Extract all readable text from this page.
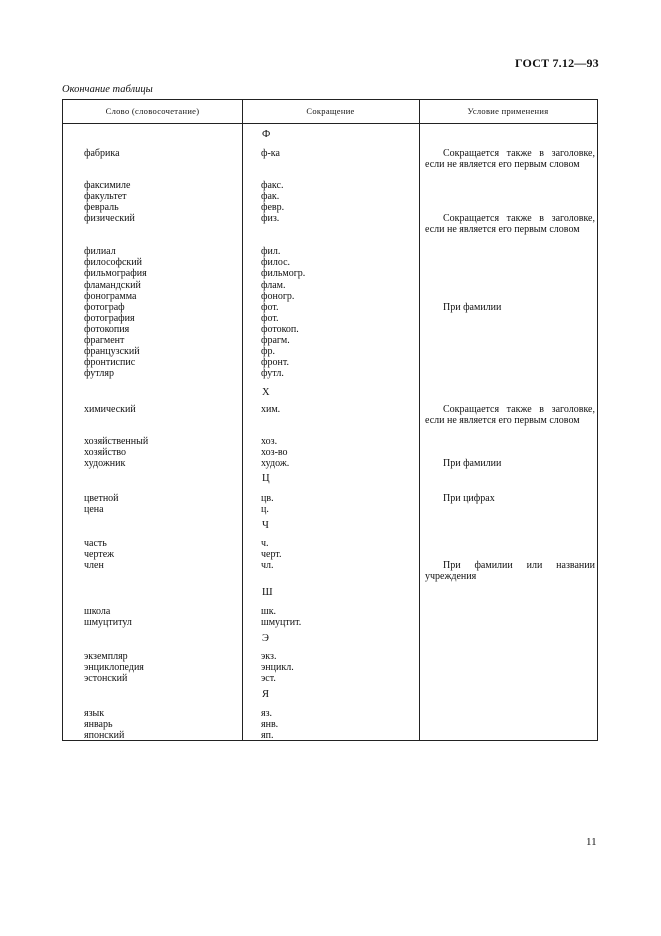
ГОСТ 7.12—93
Окончание таблицы
Слово (словосочетание)	Сокращение	Условие применения
Ф
Х
Ц
Ч
Ш
Э
Я
фабрика
факсимиле
факультет
февраль
физический
филиал
философский
фильмография
фламандский
фонограмма
фотограф
фотография
фотокопия
фрагмент
французский
фронтиспис
футляр
химический
хозяйственный
хозяйство
художник
цветной
цена
часть
чертеж
член
школа
шмуцтитул
экземпляр
энциклопедия
эстонский
язык
январь
японский
ф-ка
факс.
фак.
февр.
физ.
фил.
филос.
фильмогр.
флам.
фоногр.
фот.
фот.
фотокоп.
фрагм.
фр.
фронт.
футл.
хим.
хоз.
хоз-во
худож.
цв.
ц.
ч.
черт.
чл.
шк.
шмуцтит.
экз.
энцикл.
эст.
яз.
янв.
яп.
Сокращается также в заголовке, если не является его первым словом
Сокращается также в заголовке, если не является его первым словом
При фамилии
Сокращается также в заголовке, если не является его первым словом
При фамилии
При цифрах
При фамилии или названии учреждения
11
